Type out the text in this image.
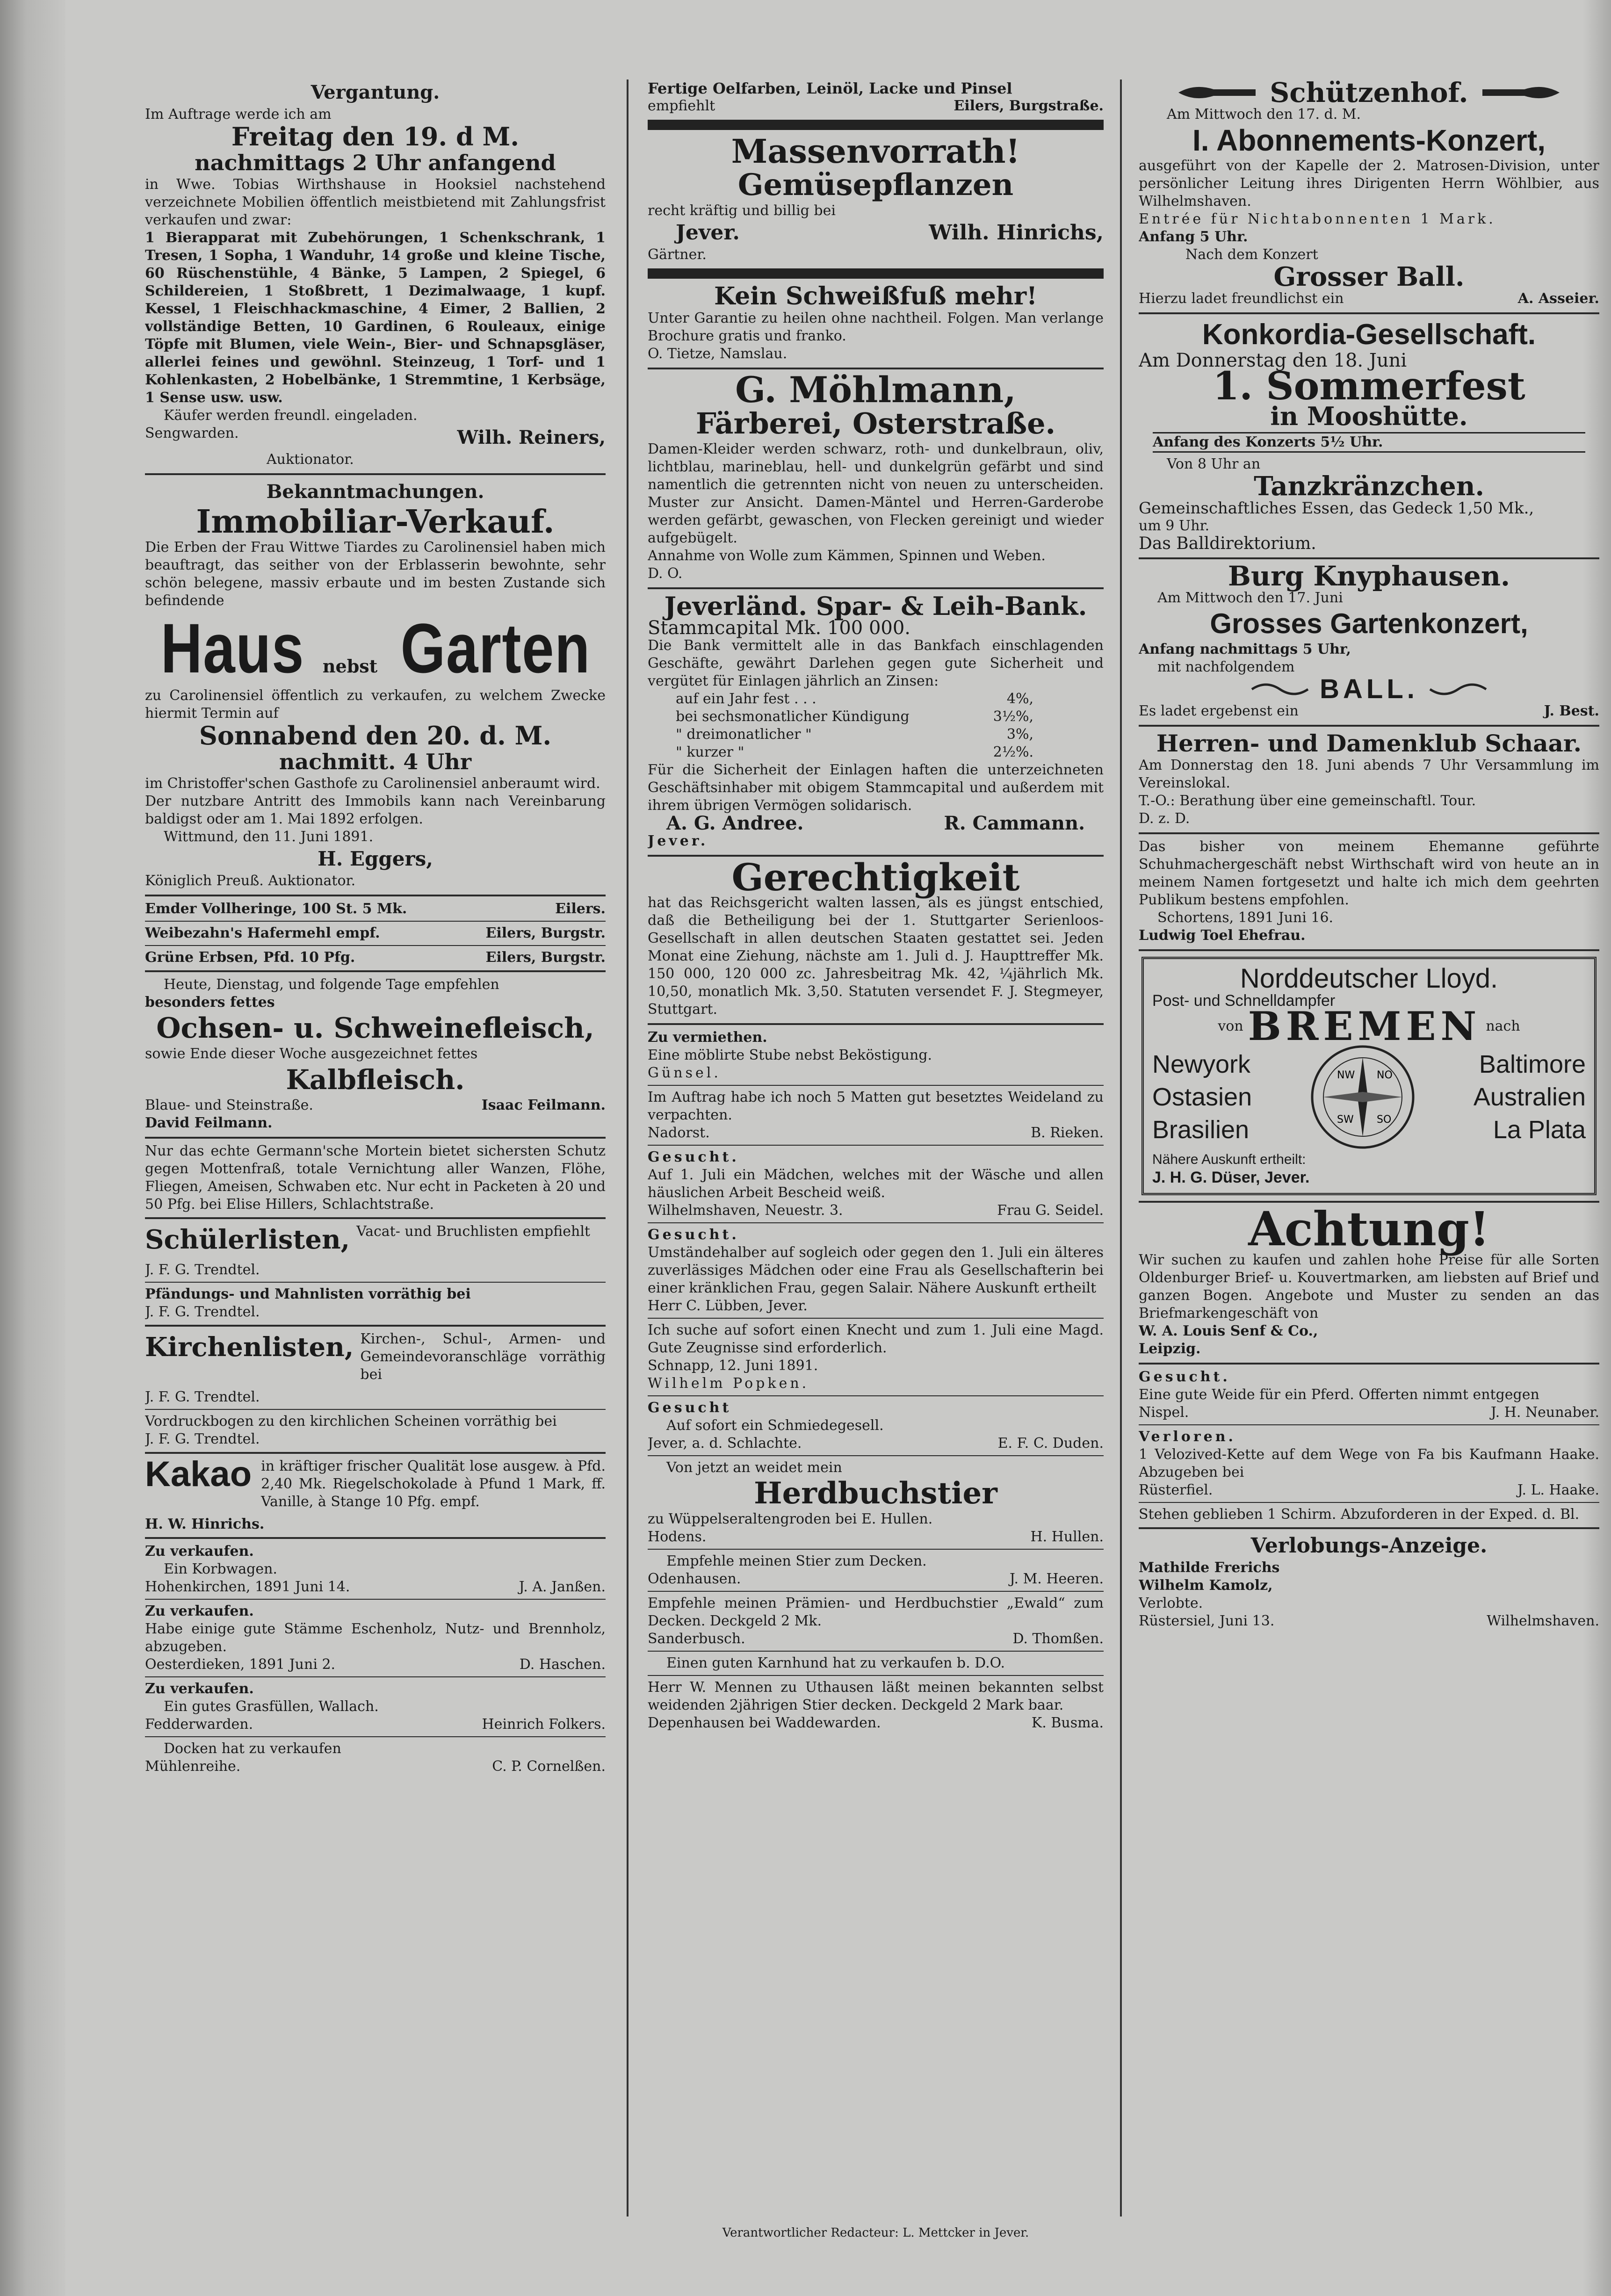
Vergantung.
Im Auftrage werde ich am
Freitag den 19. d M.
nachmittags 2 Uhr anfangend
in Wwe. Tobias Wirthshause in Hooksiel nachstehend verzeichnete Mobilien öffentlich meistbietend mit Zahlungsfrist verkaufen und zwar:
1 Bierapparat mit Zubehörungen, 1 Schenkschrank, 1 Tresen, 1 Sopha, 1 Wanduhr, 14 große und kleine Tische, 60 Rüschenstühle, 4 Bänke, 5 Lampen, 2 Spiegel, 6 Schildereien, 1 Stoßbrett, 1 Dezimalwaage, 1 kupf. Kessel, 1 Fleischhackmaschine, 4 Eimer, 2 Ballien, 2 vollständige Betten, 10 Gardinen, 6 Rouleaux, einige Töpfe mit Blumen, viele Wein-, Bier- und Schnapsgläser, allerlei feines und gewöhnl. Steinzeug, 1 Torf- und 1 Kohlenkasten, 2 Hobelbänke, 1 Stremmtine, 1 Kerbsäge, 1 Sense usw. usw.
Käufer werden freundl. eingeladen.
Sengwarden.	Wilh. Reiners,
Auktionator.
Bekanntmachungen.
Immobiliar-Verkauf.
Die Erben der Frau Wittwe Tiardes zu Carolinensiel haben mich beauftragt, das seither von der Erblasserin bewohnte, sehr schön belegene, massiv erbaute und im besten Zustande sich befindende
Haus nebst Garten
zu Carolinensiel öffentlich zu verkaufen, zu welchem Zwecke hiermit Termin auf
Sonnabend den 20. d. M.
nachmitt. 4 Uhr
im Christoffer'schen Gasthofe zu Carolinensiel anberaumt wird.
Der nutzbare Antritt des Immobils kann nach Vereinbarung baldigst oder am 1. Mai 1892 erfolgen.
Wittmund, den 11. Juni 1891.
H. Eggers,
Königlich Preuß. Auktionator.
Emder Vollheringe, 100 St. 5 Mk.	Eilers.
Weibezahn's Hafermehl empf.	Eilers, Burgstr.
Grüne Erbsen, Pfd. 10 Pfg.	Eilers, Burgstr.
Heute, Dienstag, und folgende Tage empfehlen
besonders fettes
Ochsen- u. Schweinefleisch,
sowie Ende dieser Woche ausgezeichnet fettes
Kalbfleisch.
Blaue- und Steinstraße.	Isaac Feilmann.
David Feilmann.
Nur das echte Germann'sche Mortein bietet sichersten Schutz gegen Mottenfraß, totale Vernichtung aller Wanzen, Flöhe, Fliegen, Ameisen, Schwaben etc. Nur echt in Packeten à 20 und 50 Pfg. bei Elise Hillers, Schlachtstraße.
Schülerlisten, Vacat- und Bruchlisten empfiehlt
J. F. G. Trendtel.
Pfändungs- und Mahnlisten vorräthig bei
J. F. G. Trendtel.
Kirchenlisten, Kirchen-, Schul-, Armen- und Gemeindevoranschläge vorräthig bei
J. F. G. Trendtel.
Vordruckbogen zu den kirchlichen Scheinen vorräthig bei
J. F. G. Trendtel.
Kakao in kräftiger frischer Qualität lose ausgew. à Pfd. 2,40 Mk. Riegelschokolade à Pfund 1 Mark, ff. Vanille, à Stange 10 Pfg. empf.
H. W. Hinrichs.
Zu verkaufen.
Ein Korbwagen.
Hohenkirchen, 1891 Juni 14.	J. A. Janßen.
Zu verkaufen.
Habe einige gute Stämme Eschenholz, Nutz- und Brennholz, abzugeben.
Oesterdieken, 1891 Juni 2.	D. Haschen.
Zu verkaufen.
Ein gutes Grasfüllen, Wallach.
Fedderwarden.	Heinrich Folkers.
Docken hat zu verkaufen
Mühlenreihe.	C. P. Cornelßen.
Fertige Oelfarben, Leinöl, Lacke und Pinsel
empfiehlt	Eilers, Burgstraße.
Massenvorrath!
Gemüsepflanzen
recht kräftig und billig bei
Jever.	Wilh. Hinrichs,
Gärtner.
Kein Schweißfuß mehr!
Unter Garantie zu heilen ohne nachtheil. Folgen. Man verlange Brochure gratis und franko.
O. Tietze, Namslau.
G. Möhlmann,
Färberei, Osterstraße.
Damen-Kleider werden schwarz, roth- und dunkelbraun, oliv, lichtblau, marineblau, hell- und dunkelgrün gefärbt und sind namentlich die getrennten nicht von neuen zu unterscheiden. Muster zur Ansicht. Damen-Mäntel und Herren-Garderobe werden gefärbt, gewaschen, von Flecken gereinigt und wieder aufgebügelt.
Annahme von Wolle zum Kämmen, Spinnen und Weben.
D. O.
Jeverländ. Spar- & Leih-Bank.
Stammcapital Mk. 100 000.
Die Bank vermittelt alle in das Bankfach einschlagenden Geschäfte, gewährt Darlehen gegen gute Sicherheit und vergütet für Einlagen jährlich an Zinsen:
auf ein Jahr fest . . .	4%,
bei sechsmonatlicher Kündigung	3½%,
" dreimonatlicher "	3%,
" kurzer "	2½%.
Für die Sicherheit der Einlagen haften die unterzeichneten Geschäftsinhaber mit obigem Stammcapital und außerdem mit ihrem übrigen Vermögen solidarisch.
A. G. Andree.	R. Cammann.
Jever.
Gerechtigkeit
hat das Reichsgericht walten lassen, als es jüngst entschied, daß die Betheiligung bei der 1. Stuttgarter Serienloos-Gesellschaft in allen deutschen Staaten gestattet sei. Jeden Monat eine Ziehung, nächste am 1. Juli d. J. Haupttreffer Mk. 150 000, 120 000 zc. Jahresbeitrag Mk. 42, ¼jährlich Mk. 10,50, monatlich Mk. 3,50. Statuten versendet F. J. Stegmeyer, Stuttgart.
Zu vermiethen.
Eine möblirte Stube nebst Beköstigung.
Günsel.
Im Auftrag habe ich noch 5 Matten gut besetztes Weideland zu verpachten.
Nadorst.	B. Rieken.
Gesucht.
Auf 1. Juli ein Mädchen, welches mit der Wäsche und allen häuslichen Arbeit Bescheid weiß.
Wilhelmshaven, Neuestr. 3.	Frau G. Seidel.
Gesucht.
Umständehalber auf sogleich oder gegen den 1. Juli ein älteres zuverlässiges Mädchen oder eine Frau als Gesellschafterin bei einer kränklichen Frau, gegen Salair. Nähere Auskunft ertheilt
Herr C. Lübben, Jever.
Ich suche auf sofort einen Knecht und zum 1. Juli eine Magd. Gute Zeugnisse sind erforderlich.
Schnapp, 12. Juni 1891.
Wilhelm Popken.
Gesucht
Auf sofort ein Schmiedegesell.
Jever, a. d. Schlachte.	E. F. C. Duden.
Von jetzt an weidet mein
Herdbuchstier
zu Wüppelseraltengroden bei E. Hullen.
Hodens.	H. Hullen.
Empfehle meinen Stier zum Decken.
Odenhausen.	J. M. Heeren.
Empfehle meinen Prämien- und Herdbuchstier „Ewald“ zum Decken. Deckgeld 2 Mk.
Sanderbusch.	D. Thomßen.
Einen guten Karnhund hat zu verkaufen b. D.O.
Herr W. Mennen zu Uthausen läßt meinen bekannten selbst weidenden 2jährigen Stier decken. Deckgeld 2 Mark baar.
Depenhausen bei Waddewarden.	K. Busma.
Schützenhof.
Am Mittwoch den 17. d. M.
I. Abonnements-Konzert,
ausgeführt von der Kapelle der 2. Matrosen-Division, unter persönlicher Leitung ihres Dirigenten Herrn Wöhlbier, aus Wilhelmshaven.
Entrée für Nichtabonnenten 1 Mark.
Anfang 5 Uhr.
Nach dem Konzert
Grosser Ball.
Hierzu ladet freundlichst ein	A. Asseier.
Konkordia-Gesellschaft.
Am Donnerstag den 18. Juni
1. Sommerfest
in Mooshütte.
Anfang des Konzerts 5½ Uhr.
Von 8 Uhr an
Tanzkränzchen.
Gemeinschaftliches Essen, das Gedeck 1,50 Mk.,
um 9 Uhr.
Das Balldirektorium.
Burg Knyphausen.
Am Mittwoch den 17. Juni
Grosses Gartenkonzert,
Anfang nachmittags 5 Uhr,
mit nachfolgendem
BALL.
Es ladet ergebenst ein	J. Best.
Herren- und Damenklub Schaar.
Am Donnerstag den 18. Juni abends 7 Uhr Versammlung im Vereinslokal.
T.-O.: Berathung über eine gemeinschaftl. Tour.
D. z. D.
Das bisher von meinem Ehemanne geführte Schuhmachergeschäft nebst Wirthschaft wird von heute an in meinem Namen fortgesetzt und halte ich mich dem geehrten Publikum bestens empfohlen.
Schortens, 1891 Juni 16.
Ludwig Toel Ehefrau.
Norddeutscher Lloyd.
Post- und Schnelldampfer
von BREMEN nach
Newyork
Ostasien
Brasilien
NW NO
SW SO
Baltimore
Australien
La Plata
Nähere Auskunft ertheilt:
J. H. G. Düser, Jever.
Achtung!
Wir suchen zu kaufen und zahlen hohe Preise für alle Sorten Oldenburger Brief- u. Kouvertmarken, am liebsten auf Brief und ganzen Bogen. Angebote und Muster zu senden an das Briefmarkengeschäft von
W. A. Louis Senf & Co.,
Leipzig.
Gesucht.
Eine gute Weide für ein Pferd. Offerten nimmt entgegen
Nispel.	J. H. Neunaber.
Verloren.
1 Velozived-Kette auf dem Wege von Fa bis Kaufmann Haake. Abzugeben bei
Rüsterfiel.	J. L. Haake.
Stehen geblieben 1 Schirm. Abzuforderen in der Exped. d. Bl.
Verlobungs-Anzeige.
Mathilde Frerichs
Wilhelm Kamolz,
Verlobte.
Rüstersiel, Juni 13.	Wilhelmshaven.
Verantwortlicher Redacteur: L. Mettcker in Jever.
